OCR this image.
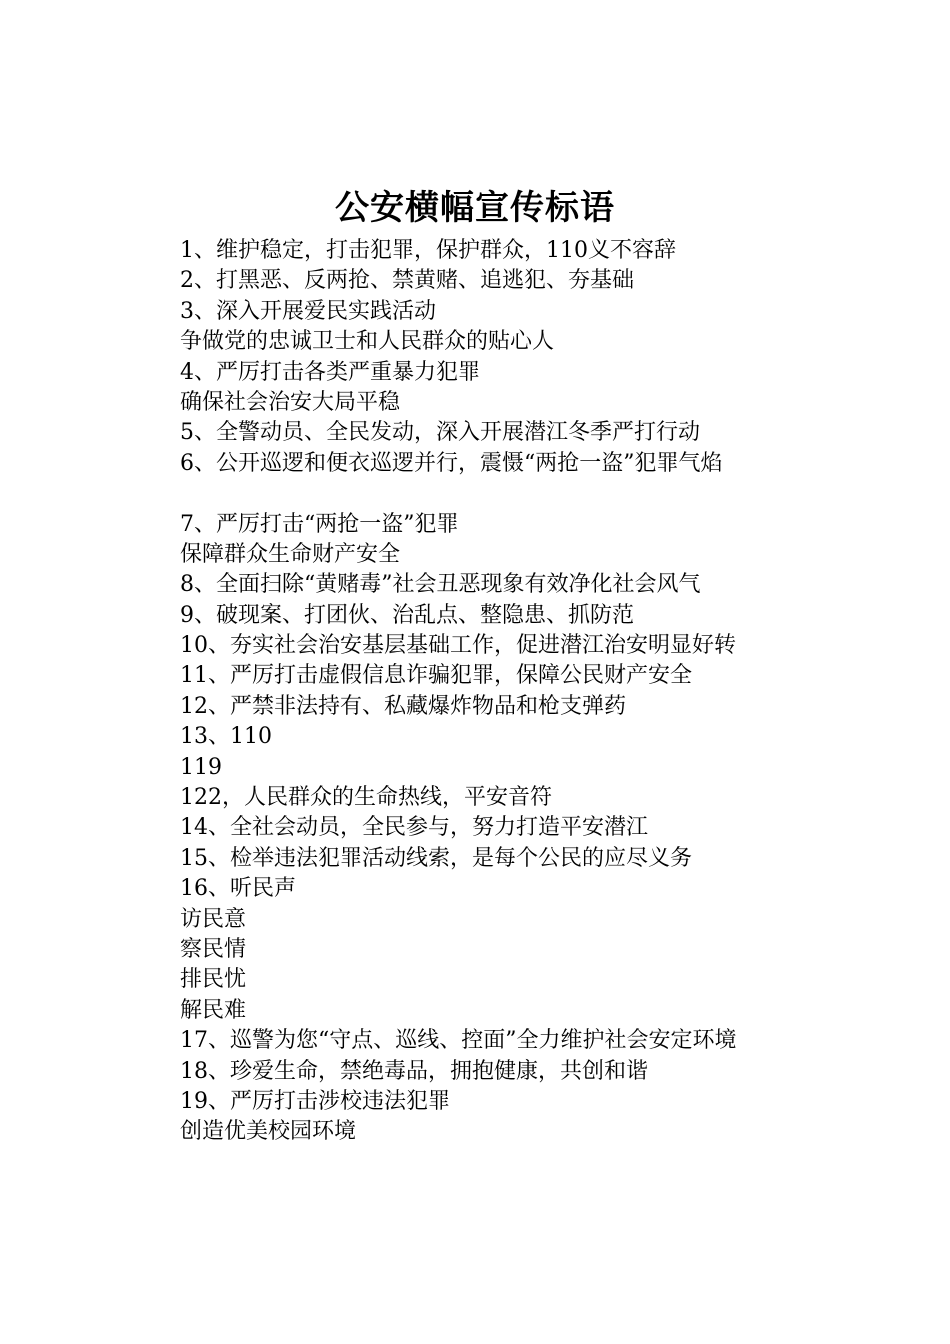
公安横幅宣传标语
1、维护稳定，打击犯罪，保护群众，110义不容辞
2、打黑恶、反两抢、禁黄赌、追逃犯、夯基础
3、深入开展爱民实践活动
争做党的忠诚卫士和人民群众的贴心人
4、严厉打击各类严重暴力犯罪
确保社会治安大局平稳
5、全警动员、全民发动，深入开展潜江冬季严打行动
6、公开巡逻和便衣巡逻并行，震慑“两抢一盗”犯罪气焰
7、严厉打击“两抢一盗”犯罪
保障群众生命财产安全
8、全面扫除“黄赌毒”社会丑恶现象有效净化社会风气
9、破现案、打团伙、治乱点、整隐患、抓防范
10、夯实社会治安基层基础工作，促进潜江治安明显好转
11、严厉打击虚假信息诈骗犯罪，保障公民财产安全
12、严禁非法持有、私藏爆炸物品和枪支弹药
13、110
119
122，人民群众的生命热线，平安音符
14、全社会动员，全民参与，努力打造平安潜江
15、检举违法犯罪活动线索，是每个公民的应尽义务
16、听民声
访民意
察民情
排民忧
解民难
17、巡警为您“守点、巡线、控面”全力维护社会安定环境
18、珍爱生命，禁绝毒品，拥抱健康，共创和谐
19、严厉打击涉校违法犯罪
创造优美校园环境
